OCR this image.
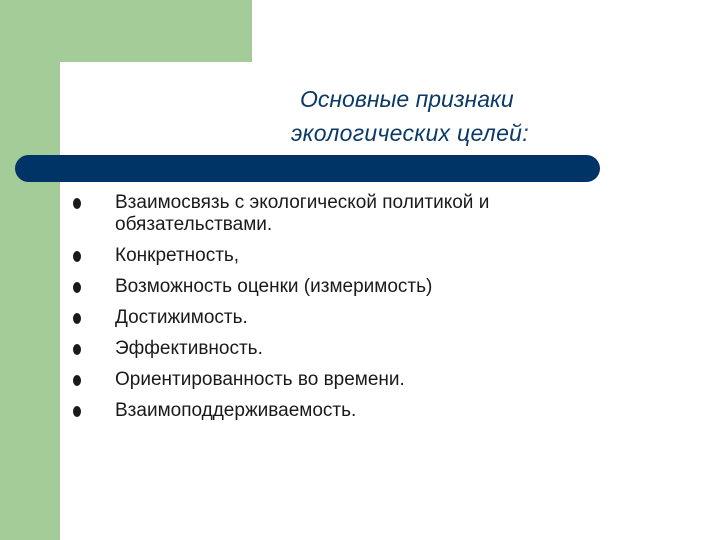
Основные признаки
экологических целей:
Взаимосвязь с экологической политикой и обязательствами.
Конкретность,
Возможность оценки (измеримость)
Достижимость.
Эффективность.
Ориентированность во времени.
Взаимоподдерживаемость.
